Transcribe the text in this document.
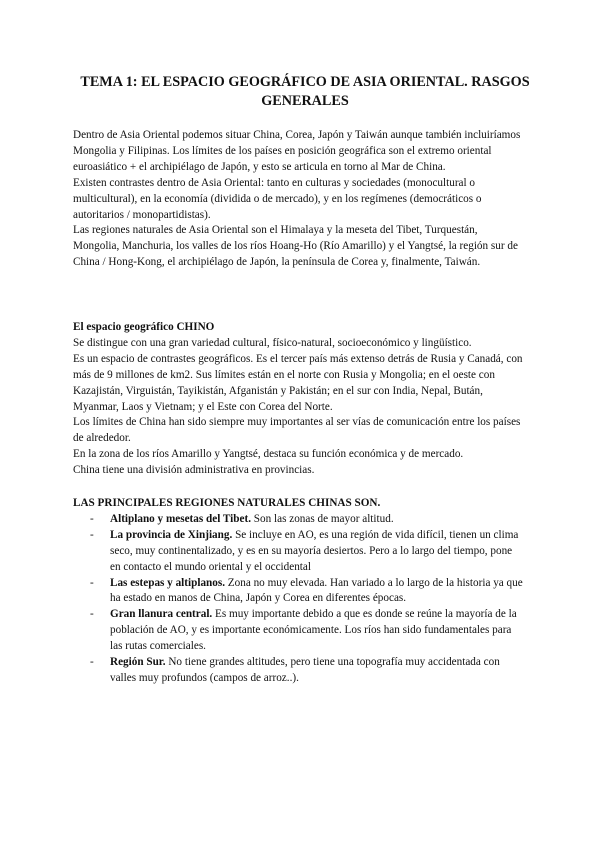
TEMA 1: EL ESPACIO GEOGRÁFICO DE ASIA ORIENTAL. RASGOS GENERALES

Dentro de Asia Oriental podemos situar China, Corea, Japón y Taiwán aunque también incluiríamos Mongolia y Filipinas. Los límites de los países en posición geográfica son el extremo oriental euroasiático + el archipiélago de Japón, y esto se articula en torno al Mar de China.

Existen contrastes dentro de Asia Oriental: tanto en culturas y sociedades (monocultural o multicultural), en la economía (dividida o de mercado), y en los regímenes (democráticos o autoritarios / monopartidistas).

Las regiones naturales de Asia Oriental son el Himalaya y la meseta del Tibet, Turquestán, Mongolia, Manchuria, los valles de los ríos Hoang-Ho (Río Amarillo) y el Yangtsé, la región sur de China / Hong-Kong, el archipiélago de Japón, la península de Corea y, finalmente, Taiwán.

El espacio geográfico CHINO

Se distingue con una gran variedad cultural, físico-natural, socioeconómico y lingüístico.

Es un espacio de contrastes geográficos. Es el tercer país más extenso detrás de Rusia y Canadá, con más de 9 millones de km2. Sus límites están en el norte con Rusia y Mongolia; en el oeste con Kazajistán, Virguistán, Tayikistán, Afganistán y Pakistán; en el sur con India, Nepal, Bután, Myanmar, Laos y Vietnam; y el Este con Corea del Norte.

Los límites de China han sido siempre muy importantes al ser vías de comunicación entre los países de alrededor.

En la zona de los ríos Amarillo y Yangtsé, destaca su función económica y de mercado.

China tiene una división administrativa en provincias.

LAS PRINCIPALES REGIONES NATURALES CHINAS SON.

- Altiplano y mesetas del Tibet. Son las zonas de mayor altitud.
- La provincia de Xinjiang. Se incluye en AO, es una región de vida difícil, tienen un clima seco, muy continentalizado, y es en su mayoría desiertos. Pero a lo largo del tiempo, pone en contacto el mundo oriental y el occidental
- Las estepas y altiplanos. Zona no muy elevada. Han variado a lo largo de la historia ya que ha estado en manos de China, Japón y Corea en diferentes épocas.
- Gran llanura central. Es muy importante debido a que es donde se reúne la mayoría de la población de AO, y es importante económicamente. Los ríos han sido fundamentales para las rutas comerciales.
- Región Sur. No tiene grandes altitudes, pero tiene una topografía muy accidentada con valles muy profundos (campos de arroz..).
